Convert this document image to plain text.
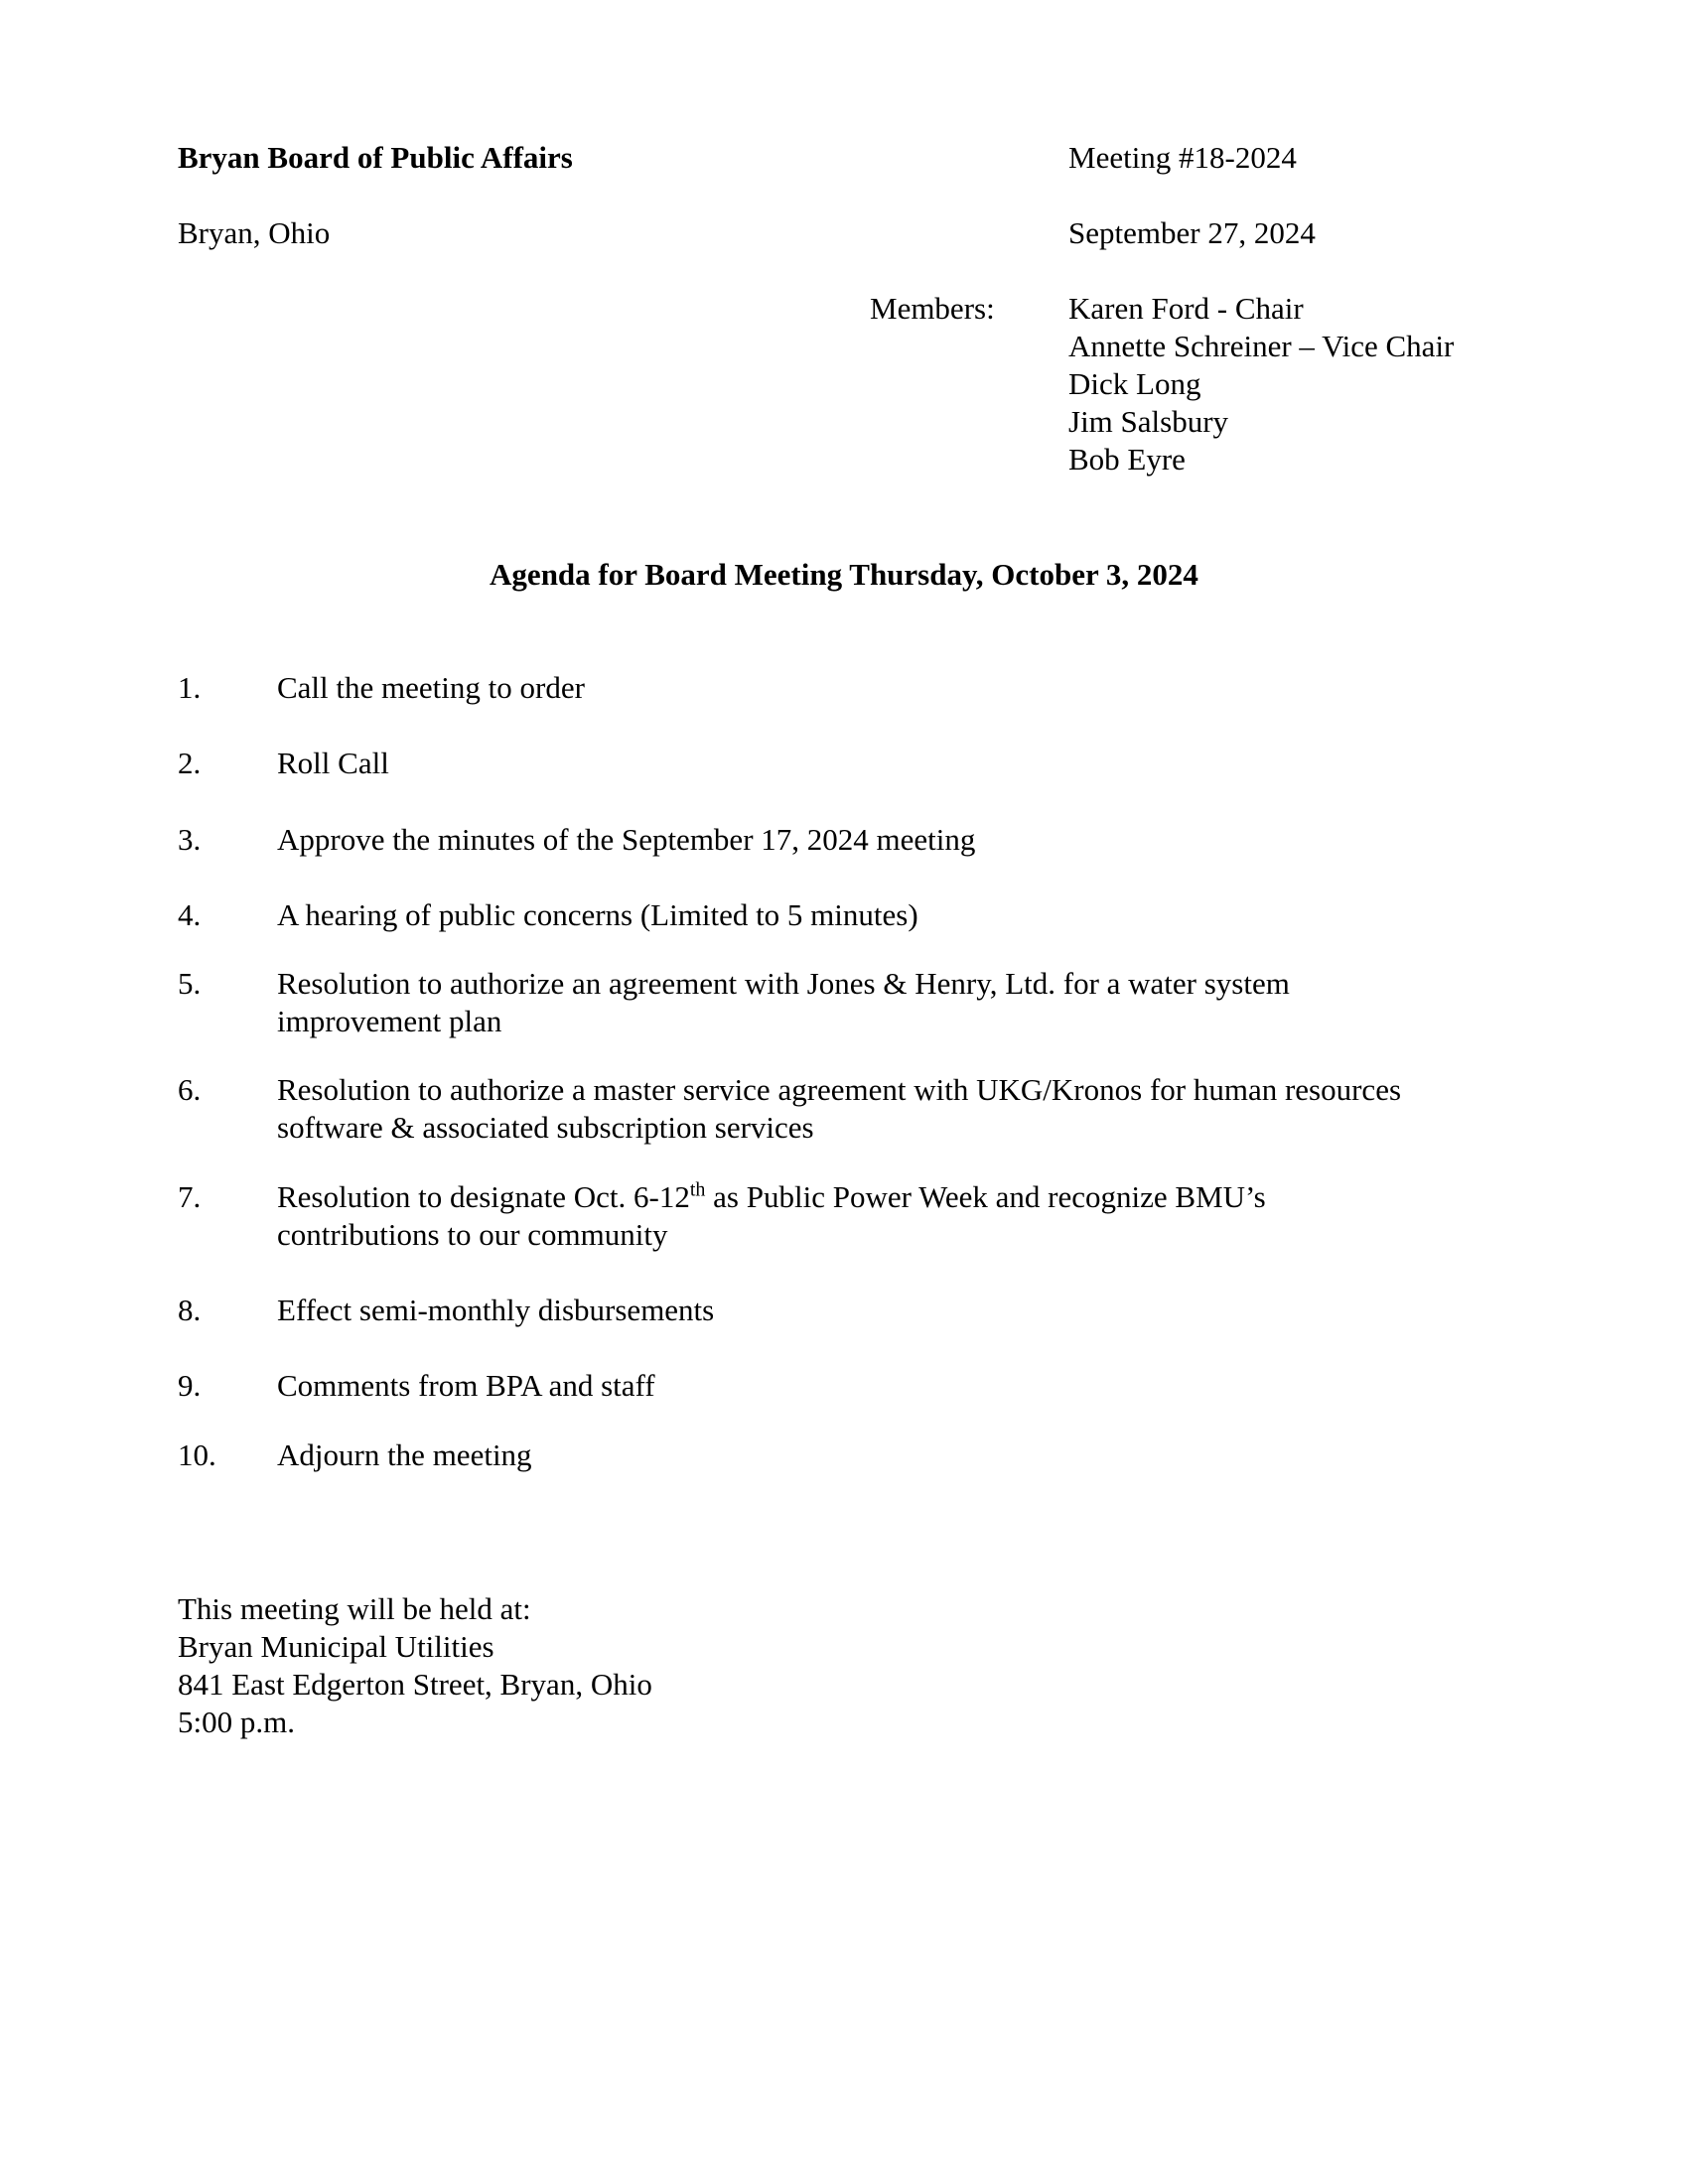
Bryan Board of Public Affairs	Meeting #18-2024
Bryan, Ohio	September 27, 2024
Members: Karen Ford - Chair
Annette Schreiner – Vice Chair
Dick Long
Jim Salsbury
Bob Eyre
Agenda for Board Meeting Thursday, October 3, 2024
1. Call the meeting to order
2. Roll Call
3. Approve the minutes of the September 17, 2024 meeting
4. A hearing of public concerns (Limited to 5 minutes)
5. Resolution to authorize an agreement with Jones & Henry, Ltd. for a water system
improvement plan
6. Resolution to authorize a master service agreement with UKG/Kronos for human resources
software & associated subscription services
7. Resolution to designate Oct. 6-12th as Public Power Week and recognize BMU’s
contributions to our community
8. Effect semi-monthly disbursements
9. Comments from BPA and staff
10. Adjourn the meeting
This meeting will be held at:
Bryan Municipal Utilities
841 East Edgerton Street, Bryan, Ohio
5:00 p.m.
